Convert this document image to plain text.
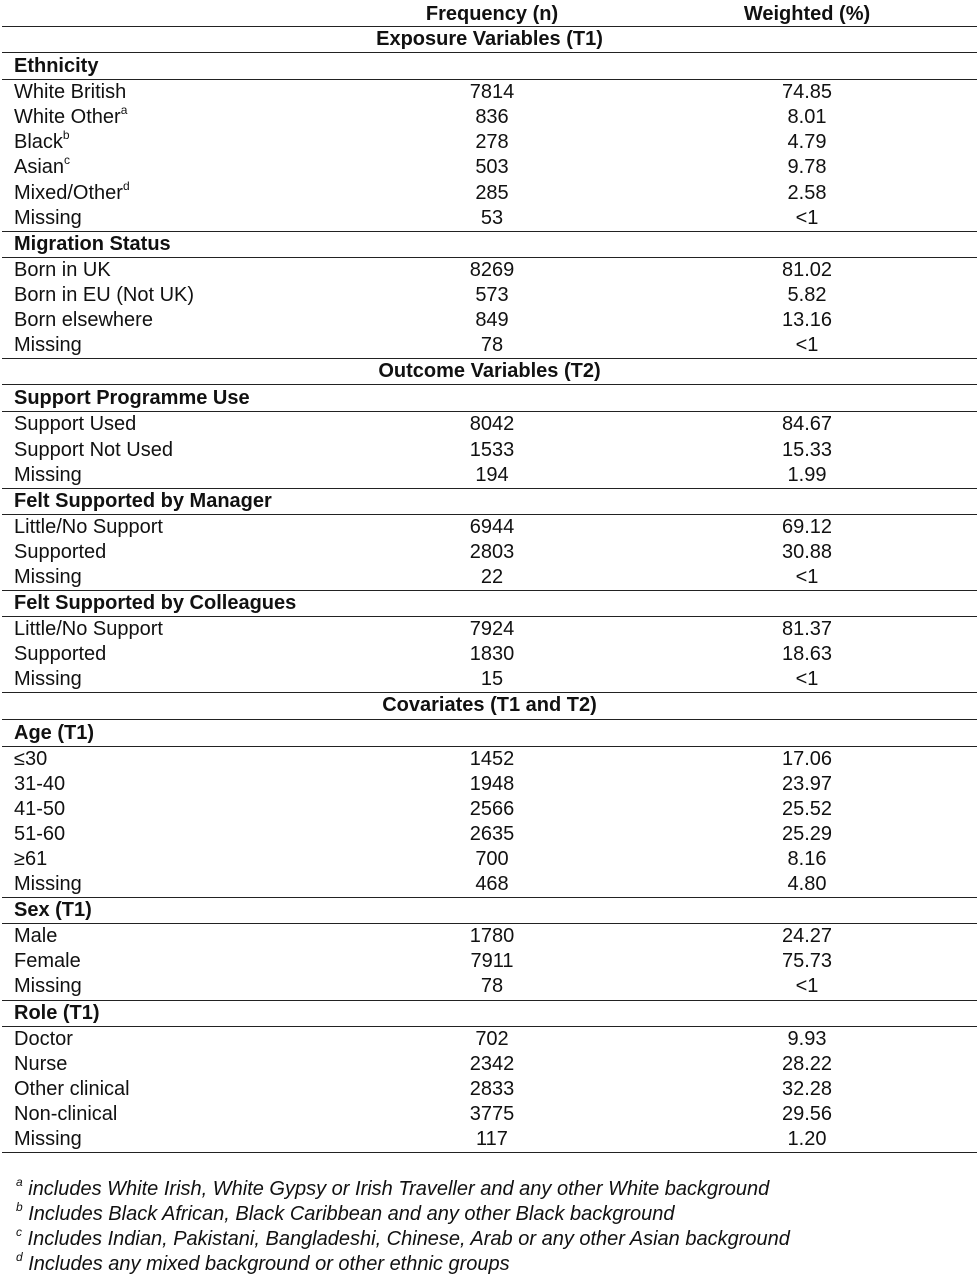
	Frequency (n)	Weighted (%)
Exposure Variables (T1)		
Ethnicity		
White British	7814	74.85
White Other$^a$	836	8.01
Black$^b$	278	4.79
Asian$^c$	503	9.78
Mixed/Other$^d$	285	2.58
Missing	53	<1
Migration Status		
Born in UK	8269	81.02
Born in EU (Not UK)	573	5.82
Born elsewhere	849	13.16
Missing	78	<1
Outcome Variables (T2)		
Support Programme Use		
Support Used	8042	84.67
Support Not Used	1533	15.33
Missing	194	1.99
Felt Supported by Manager		
Little/No Support	6944	69.12
Supported	2803	30.88
Missing	22	<1
Felt Supported by Colleagues		
Little/No Support	7924	81.37
Supported	1830	18.63
Missing	15	<1
Covariates (T1 and T2)		
Age (T1)		
≤30	1452	17.06
31-40	1948	23.97
41-50	2566	25.52
51-60	2635	25.29
≥61	700	8.16
Missing	468	4.80
Sex (T1)		
Male	1780	24.27
Female	7911	75.73
Missing	78	<1
Role (T1)		
Doctor	702	9.93
Nurse	2342	28.22
Other clinical	2833	32.28
Non-clinical	3775	29.56
Missing	117	1.20

$^a$ includes White Irish, White Gypsy or Irish Traveller and any other White background
$^b$ Includes Black African, Black Caribbean and any other Black background
$^c$ Includes Indian, Pakistani, Bangladeshi, Chinese, Arab or any other Asian background
$^d$ Includes any mixed background or other ethnic groups
